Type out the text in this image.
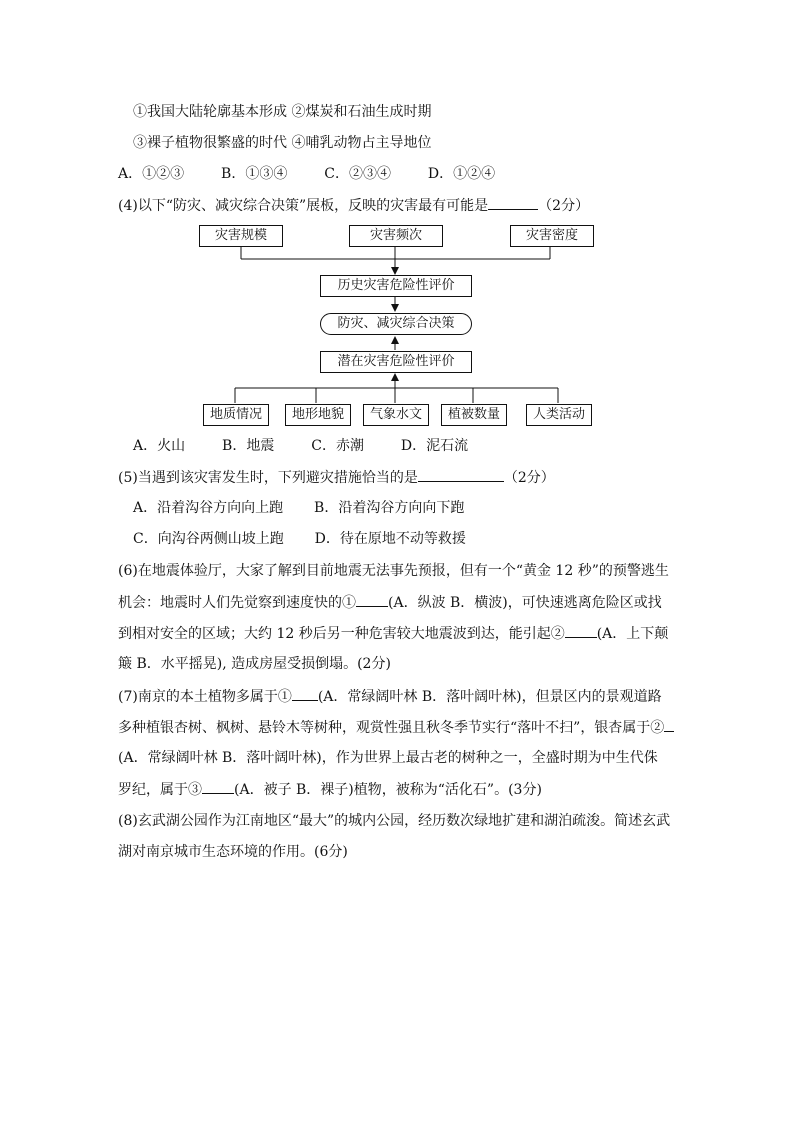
①我国大陆轮廓基本形成 ②煤炭和石油生成时期
③裸子植物很繁盛的时代 ④哺乳动物占主导地位
A．①②③	B．①③④	C．②③④	D．①②④
(4)以下“防灾、减灾综合决策”展板，反映的灾害最有可能是	（2分）
灾害规模	灾害频次	灾害密度
历史灾害危险性评价
防灾、减灾综合决策
潜在灾害危险性评价
地质情况	地形地貌	气象水文	植被数量	人类活动
A．火山	B．地震	C．赤潮	D．泥石流
(5)当遇到该灾害发生时，下列避灾措施恰当的是	（2分）
A．沿着沟谷方向向上跑 B．沿着沟谷方向向下跑
C．向沟谷两侧山坡上跑 D．待在原地不动等救援
(6)在地震体验厅，大家了解到目前地震无法事先预报，但有一个“黄金 12 秒”的预警逃生
机会：地震时人们先觉察到速度快的① (A．纵波 B．横波)，可快速逃离危险区或找
到相对安全的区域；大约 12 秒后另一种危害较大地震波到达，能引起② (A．上下颠
簸 B．水平摇晃), 造成房屋受损倒塌。(2分)
(7)南京的本土植物多属于① (A．常绿阔叶林 B．落叶阔叶林)，但景区内的景观道路
多种植银杏树、枫树、悬铃木等树种，观赏性强且秋冬季节实行“落叶不扫”，银杏属于②
(A．常绿阔叶林 B．落叶阔叶林)，作为世界上最古老的树种之一，全盛时期为中生代侏
罗纪，属于③ (A．被子 B．裸子)植物，被称为“活化石”。(3分)
(8)玄武湖公园作为江南地区“最大”的城内公园，经历数次绿地扩建和湖泊疏浚。简述玄武
湖对南京城市生态环境的作用。(6分)
